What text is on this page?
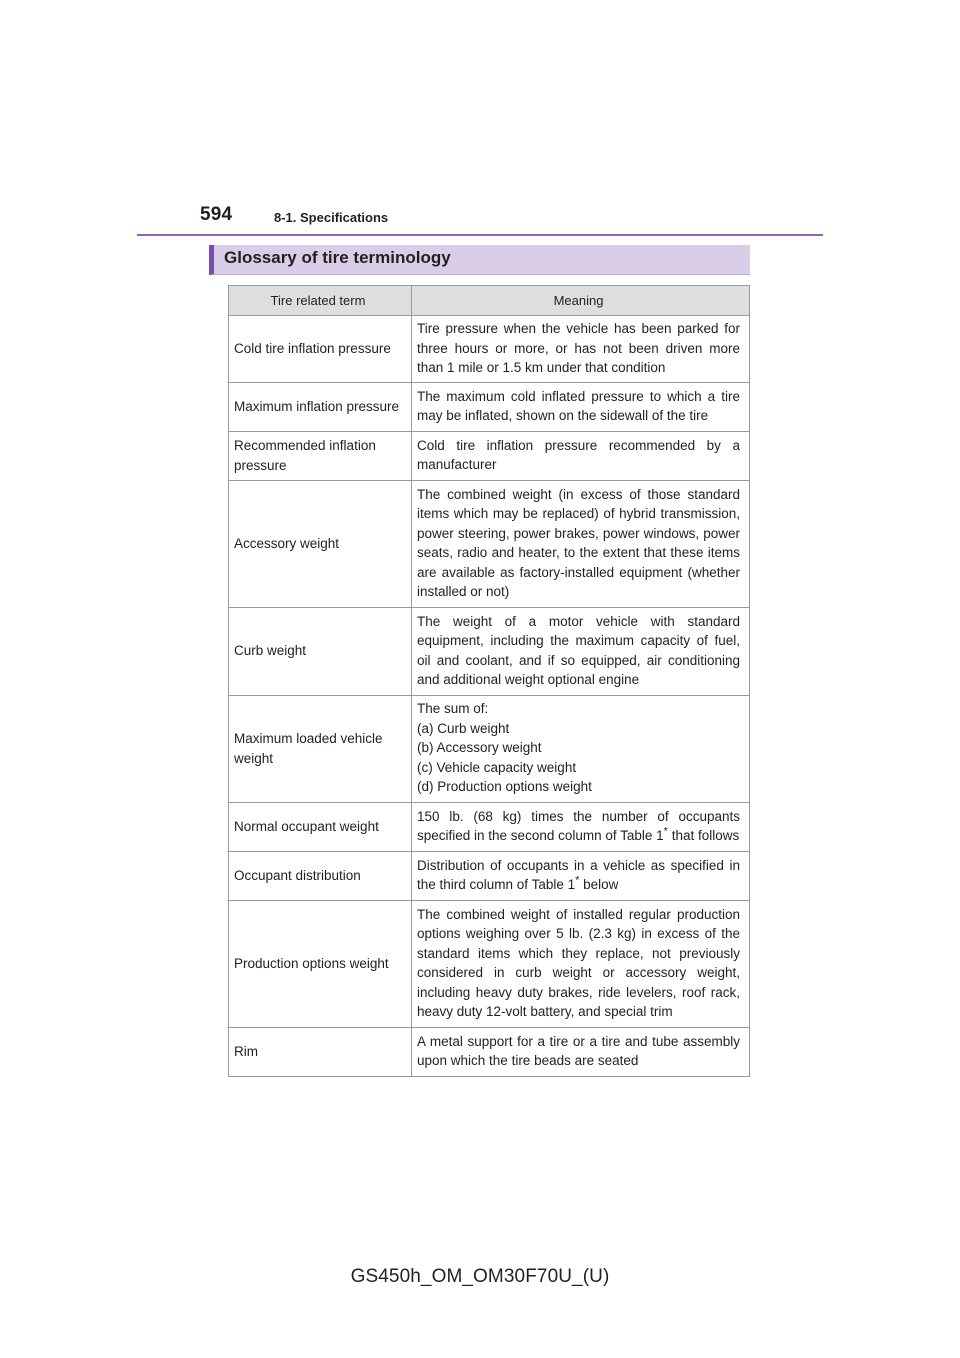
594	8-1. Specifications
Glossary of tire terminology
Tire related term	Meaning
Cold tire inflation pressure	Tire pressure when the vehicle has been parked for three hours or more, or has not been driven more than 1 mile or 1.5 km under that condition
Maximum inflation pressure	The maximum cold inflated pressure to which a tire may be inflated, shown on the sidewall of the tire
Recommended inflation pressure	Cold tire inflation pressure recommended by a manufacturer
Accessory weight	The combined weight (in excess of those standard items which may be replaced) of hybrid transmission, power steering, power brakes, power windows, power seats, radio and heater, to the extent that these items are available as factory-installed equipment (whether installed or not)
Curb weight	The weight of a motor vehicle with standard equipment, including the maximum capacity of fuel, oil and coolant, and if so equipped, air conditioning and additional weight optional engine
Maximum loaded vehicle weight	The sum of:
(a) Curb weight
(b) Accessory weight
(c) Vehicle capacity weight
(d) Production options weight

Normal occupant weight	150 lb. (68 kg) times the number of occupants specified in the second column of Table 1* that follows
Occupant distribution	Distribution of occupants in a vehicle as specified in the third column of Table 1* below
Production options weight	The combined weight of installed regular production options weighing over 5 lb. (2.3 kg) in excess of the standard items which they replace, not previously considered in curb weight or accessory weight, including heavy duty brakes, ride levelers, roof rack, heavy duty 12-volt battery, and special trim
Rim	A metal support for a tire or a tire and tube assembly upon which the tire beads are seated
GS450h_OM_OM30F70U_(U)
